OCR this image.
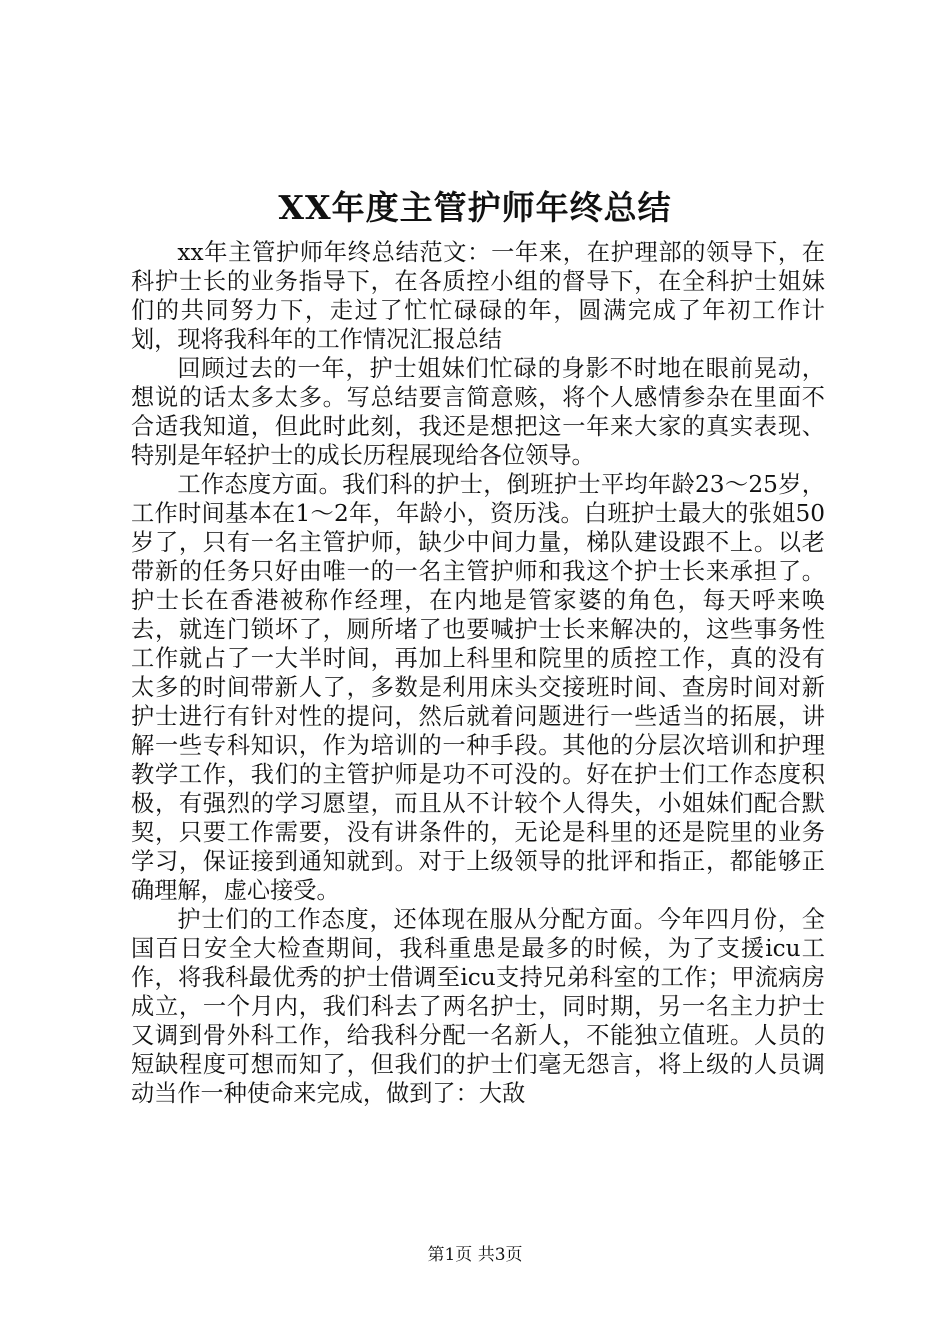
XX年度主管护师年终总结

xx年主管护师年终总结范文：一年来，在护理部的领导下，在科护士长的业务指导下，在各质控小组的督导下，在全科护士姐妹们的共同努力下，走过了忙忙碌碌的年，圆满完成了年初工作计划，现将我科年的工作情况汇报总结

回顾过去的一年，护士姐妹们忙碌的身影不时地在眼前晃动，想说的话太多太多。写总结要言简意赅，将个人感情参杂在里面不合适我知道，但此时此刻，我还是想把这一年来大家的真实表现、特别是年轻护士的成长历程展现给各位领导。

工作态度方面。我们科的护士，倒班护士平均年龄23～25岁，工作时间基本在1～2年，年龄小，资历浅。白班护士最大的张姐50岁了，只有一名主管护师，缺少中间力量，梯队建设跟不上。以老带新的任务只好由唯一的一名主管护师和我这个护士长来承担了。护士长在香港被称作经理，在内地是管家婆的角色，每天呼来唤去，就连门锁坏了，厕所堵了也要喊护士长来解决的，这些事务性工作就占了一大半时间，再加上科里和院里的质控工作，真的没有太多的时间带新人了，多数是利用床头交接班时间、查房时间对新护士进行有针对性的提问，然后就着问题进行一些适当的拓展，讲解一些专科知识，作为培训的一种手段。其他的分层次培训和护理教学工作，我们的主管护师是功不可没的。好在护士们工作态度积极，有强烈的学习愿望，而且从不计较个人得失，小姐妹们配合默契，只要工作需要，没有讲条件的，无论是科里的还是院里的业务学习，保证接到通知就到。对于上级领导的批评和指正，都能够正确理解，虚心接受。

护士们的工作态度，还体现在服从分配方面。今年四月份，全国百日安全大检查期间，我科重患是最多的时候，为了支援icu工作，将我科最优秀的护士借调至icu支持兄弟科室的工作；甲流病房成立，一个月内，我们科去了两名护士，同时期，另一名主力护士又调到骨外科工作，给我科分配一名新人，不能独立值班。人员的短缺程度可想而知了，但我们的护士们毫无怨言，将上级的人员调动当作一种使命来完成，做到了：大敌

第1页 共3页
